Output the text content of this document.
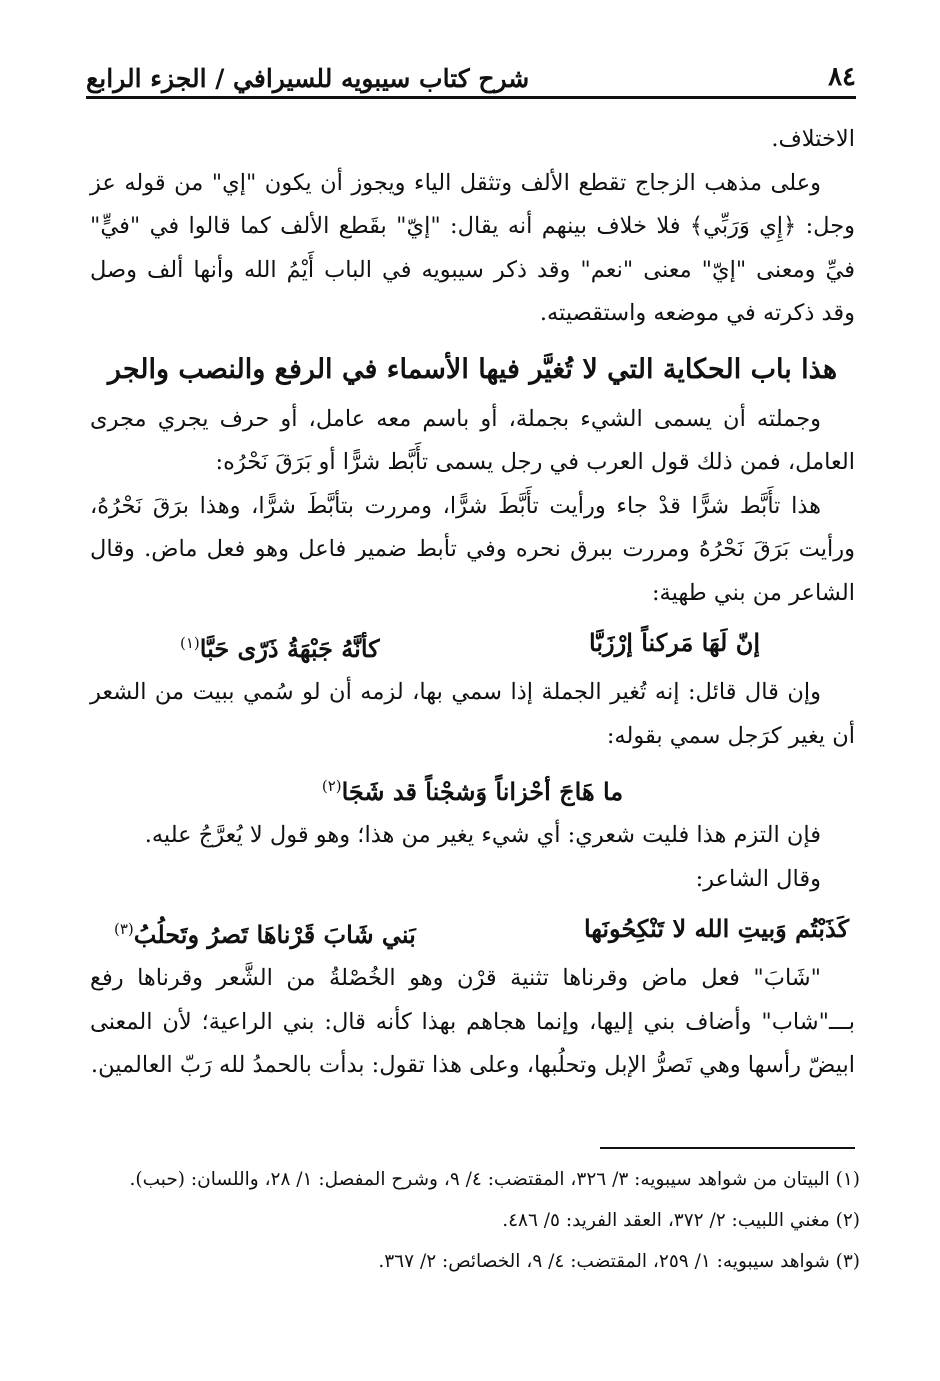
٨٤
شرح كتاب سيبويه للسيرافي / الجزء الرابع

الاختلاف.

وعلى مذهب الزجاج تقطع الألف وتثقل الياء ويجوز أن يكون "إي" من قوله عز وجل: ﴿إِي وَرَبِّي﴾ فلا خلاف بينهم أنه يقال: "إيّ" بقَطع الألف كما قالوا في "فيٍّ" فيِّ ومعنى "إيّ" معنى "نعم" وقد ذكر سيبويه في الباب أَيْمُ الله وأنها ألف وصل وقد ذكرته في موضعه واستقصيته.

هذا باب الحكاية التي لا تُغيَّر فيها الأسماء في الرفع والنصب والجر

وجملته أن يسمى الشيء بجملة، أو باسم معه عامل، أو حرف يجري مجرى العامل، فمن ذلك قول العرب في رجل يسمى تأَبَّط شرًّا أو بَرَقَ نَحْرُه:

هذا تأَبَّط شرًّا قدْ جاء ورأيت تأَبَّطَ شرًّا، ومررت بتأبَّطَ شرًّا، وهذا برَقَ نَحْرُهُ، ورأيت بَرَقَ نَحْرُهُ ومررت ببرق نحره وفي تأبط ضمير فاعل وهو فعل ماض. وقال الشاعر من بني طهية:

إنّ لَهَا مَركناً إرْزَبَّا
كأنَّهُ جَبْهَةُ ذَرّى حَبَّا$^{(١)}$

وإن قال قائل: إنه تُغير الجملة إذا سمي بها، لزمه أن لو سُمي ببيت من الشعر أن يغير كرَجل سمي بقوله:

ما هَاجَ أحْزاناً وَشجْناً قد شَجَا$^{(٢)}$

فإن التزم هذا فليت شعري: أي شيء يغير من هذا؛ وهو قول لا يُعرَّجُ عليه.

وقال الشاعر:

كَذَبْتُم وَبيتِ الله لا تَنْكِحُونَها
بَني شَابَ قَرْناهَا تَصرُ وتَحلُبُ$^{(٣)}$

"شَابَ" فعل ماض وقرناها تثنية قرْن وهو الخُصْلةُ من الشَّعر وقرناها رفع بـــ"شاب" وأضاف بني إليها، وإنما هجاهم بهذا كأنه قال: بني الراعية؛ لأن المعنى ابيضّ رأسها وهي تَصرُّ الإبل وتحلُبها، وعلى هذا تقول: بدأت بالحمدُ لله رَبّ العالمين.

(١) البيتان من شواهد سيبويه: ٣/ ٣٢٦، المقتضب: ٤/ ٩، وشرح المفصل: ١/ ٢٨، واللسان: (حبب).
(٢) مغني اللبيب: ٢/ ٣٧٢، العقد الفريد: ٥/ ٤٨٦.
(٣) شواهد سيبويه: ١/ ٢٥٩، المقتضب: ٤/ ٩، الخصائص: ٢/ ٣٦٧.
